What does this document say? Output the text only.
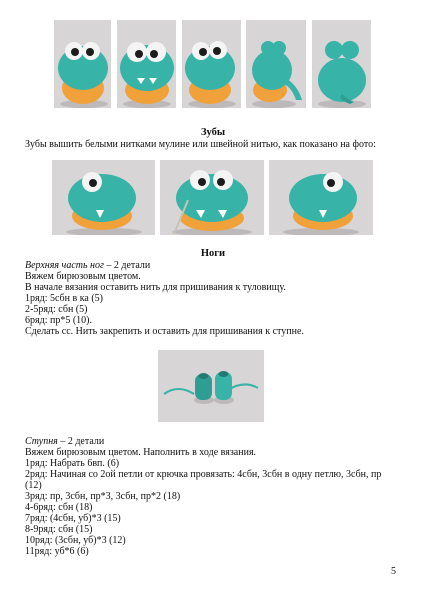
Зубы
Зубы вышить белыми нитками мулине или швейной нитью, как показано на фото:
Ноги
Верхняя часть ног – 2 детали
Вяжем бирюзовым цветом.
В начале вязания оставить нить для пришивания к туловищу.
1ряд: 5сбн в ка (5)
2-5ряд: сбн (5)
6ряд: пр*5 (10).
Сделать сс. Нить закрепить и оставить для пришивания к ступне.
Ступня – 2 детали
Вяжем бирюзовым цветом. Наполнить в ходе вязания.
1ряд: Набрать 6вп. (6)
2ряд: Начиная со 2ой петли от крючка провязать: 4сбн, 3сбн в одну петлю, 3сбн, пр
(12)
3ряд: пр, 3сбн, пр*3, 3сбн, пр*2 (18)
4-6ряд: сбн (18)
7ряд: (4сбн, уб)*3 (15)
8-9ряд: сбн (15)
10ряд: (3сбн, уб)*3 (12)
11ряд: уб*6 (6)
5
